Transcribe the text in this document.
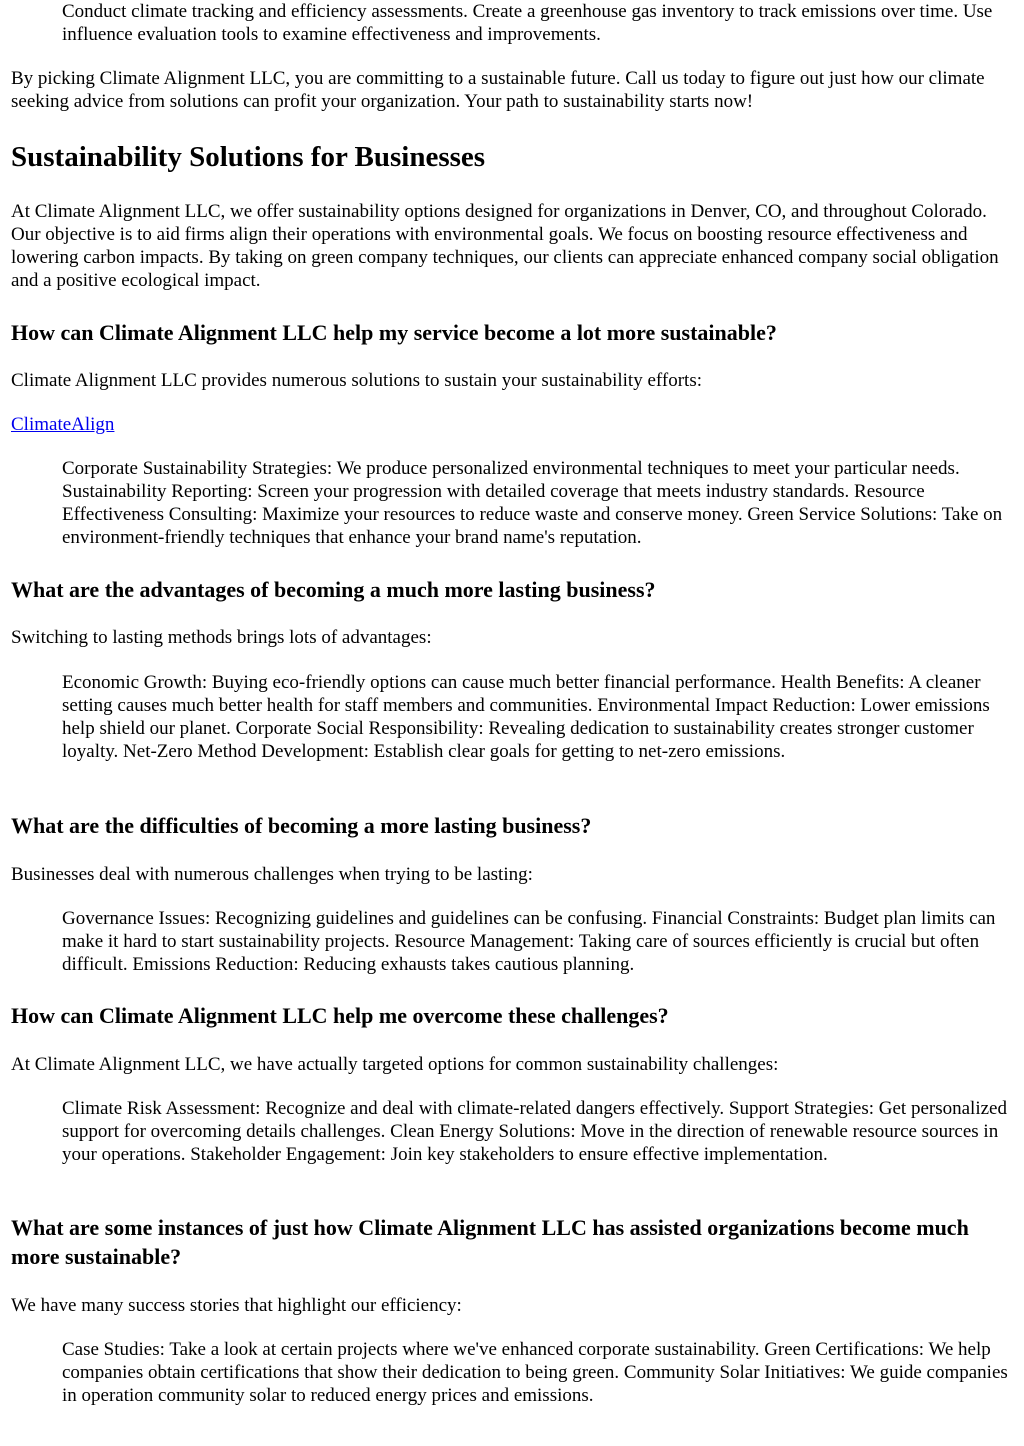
Conduct climate tracking and efficiency assessments. Create a greenhouse gas inventory to track emissions over time. Use influence evaluation tools to examine effectiveness and improvements.

By picking Climate Alignment LLC, you are committing to a sustainable future. Call us today to figure out just how our climate seeking advice from solutions can profit your organization. Your path to sustainability starts now!

Sustainability Solutions for Businesses

At Climate Alignment LLC, we offer sustainability options designed for organizations in Denver, CO, and throughout Colorado. Our objective is to aid firms align their operations with environmental goals. We focus on boosting resource effectiveness and lowering carbon impacts. By taking on green company techniques, our clients can appreciate enhanced company social obligation and a positive ecological impact.

How can Climate Alignment LLC help my service become a lot more sustainable?

Climate Alignment LLC provides numerous solutions to sustain your sustainability efforts:

ClimateAlign

Corporate Sustainability Strategies: We produce personalized environmental techniques to meet your particular needs. Sustainability Reporting: Screen your progression with detailed coverage that meets industry standards. Resource Effectiveness Consulting: Maximize your resources to reduce waste and conserve money. Green Service Solutions: Take on environment-friendly techniques that enhance your brand name's reputation.

What are the advantages of becoming a much more lasting business?

Switching to lasting methods brings lots of advantages:

Economic Growth: Buying eco-friendly options can cause much better financial performance. Health Benefits: A cleaner setting causes much better health for staff members and communities. Environmental Impact Reduction: Lower emissions help shield our planet. Corporate Social Responsibility: Revealing dedication to sustainability creates stronger customer loyalty. Net-Zero Method Development: Establish clear goals for getting to net-zero emissions.

What are the difficulties of becoming a more lasting business?

Businesses deal with numerous challenges when trying to be lasting:

Governance Issues: Recognizing guidelines and guidelines can be confusing. Financial Constraints: Budget plan limits can make it hard to start sustainability projects. Resource Management: Taking care of sources efficiently is crucial but often difficult. Emissions Reduction: Reducing exhausts takes cautious planning.

How can Climate Alignment LLC help me overcome these challenges?

At Climate Alignment LLC, we have actually targeted options for common sustainability challenges:

Climate Risk Assessment: Recognize and deal with climate-related dangers effectively. Support Strategies: Get personalized support for overcoming details challenges. Clean Energy Solutions: Move in the direction of renewable resource sources in your operations. Stakeholder Engagement: Join key stakeholders to ensure effective implementation.

What are some instances of just how Climate Alignment LLC has assisted organizations become much more sustainable?

We have many success stories that highlight our efficiency:

Case Studies: Take a look at certain projects where we've enhanced corporate sustainability. Green Certifications: We help companies obtain certifications that show their dedication to being green. Community Solar Initiatives: We guide companies in operation community solar to reduced energy prices and emissions.
